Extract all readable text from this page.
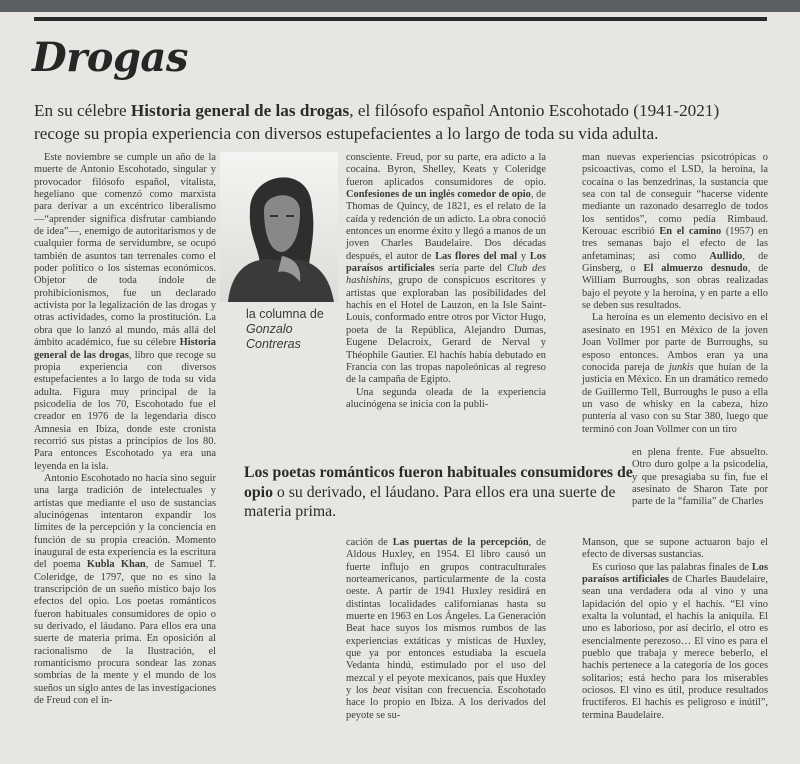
Drogas
En su célebre Historia general de las drogas, el filósofo español Antonio Escohotado (1941-2021) recoge su propia experiencia con diversos estupefacientes a lo largo de toda su vida adulta.

Este noviembre se cumple un año de la muerte de Antonio Escohotado, singular y provocador filósofo español, vitalista, hegeliano que comenzó como marxista para derivar a un excéntrico liberalismo —“aprender significa disfrutar cambiando de idea”—, enemigo de autoritarismos y de cualquier forma de servidumbre, se ocupó también de asuntos tan terrenales como el poder político o los sistemas económicos. Objetor de toda índole de prohibicionismos, fue un declarado activista por la legalización de las drogas y otras actividades, como la prostitución. La obra que lo lanzó al mundo, más allá del ámbito académico, fue su célebre Historia general de las drogas, libro que recoge su propia experiencia con diversos estupefacientes a lo largo de toda su vida adulta. Figura muy principal de la psicodelia de los 70, Escohotado fue el creador en 1976 de la legendaria disco Amnesia en Ibiza, donde este cronista recorrió sus pistas a principios de los 80. Para entonces Escohotado ya era una leyenda en la isla.

Antonio Escohotado no hacía sino seguir una larga tradición de intelectuales y artistas que mediante el uso de sustancias alucinógenas intentaron expandir los límites de la percepción y la conciencia en función de su propia creación. Momento inaugural de esta experiencia es la escritura del poema Kubla Khan, de Samuel T. Coleridge, de 1797, que no es sino la transcripción de un sueño místico bajo los efectos del opio. Los poetas románticos fueron habituales consumidores de opio o su derivado, el láudano. Para ellos era una suerte de materia prima. En oposición al racionalismo de la Ilustración, el romanticismo procura sondear las zonas sombrías de la mente y el mundo de los sueños un siglo antes de las investigaciones de Freud con el in-

la columna de
Gonzalo
Contreras

consciente. Freud, por su parte, era adicto a la cocaína. Byron, Shelley, Keats y Coleridge fueron aplicados consumidores de opio. Confesiones de un inglés comedor de opio, de Thomas de Quincy, de 1821, es el relato de la caída y redención de un adicto. La obra conoció entonces un enorme éxito y llegó a manos de un joven Charles Baudelaire. Dos décadas después, el autor de Las flores del mal y Los paraísos artificiales sería parte del Club des hashishins, grupo de conspicuos escritores y artistas que exploraban las posibilidades del hachís en el Hotel de Lauzon, en la Isle Saint-Louis, conformado entre otros por Victor Hugo, poeta de la República, Alejandro Dumas, Eugene Delacroix, Gerard de Nerval y Théophile Gautier. El hachís había debutado en Francia con las tropas napoleónicas al regreso de la campaña de Egipto.

Una segunda oleada de la experiencia alucinógena se inicia con la publi-

man nuevas experiencias psicotrópicas o psicoactivas, como el LSD, la heroína, la cocaína o las benzedrinas, la sustancia que sea con tal de conseguir “hacerse vidente mediante un razonado desarreglo de todos los sentidos”, como pedía Rimbaud. Kerouac escribió En el camino (1957) en tres semanas bajo el efecto de las anfetaminas; así como Aullido, de Ginsberg, o El almuerzo desnudo, de William Burroughs, son obras realizadas bajo el peyote y la heroína, y en parte a ello se deben sus resultados.

La heroína es un elemento decisivo en el asesinato en 1951 en México de la joven Joan Vollmer por parte de Burroughs, su esposo entonces. Ambos eran ya una conocida pareja de junkis que huían de la justicia en México. En un dramático remedo de Guillermo Tell, Burroughs le puso a ella un vaso de whisky en la cabeza, hizo puntería al vaso con su Star 380, luego que terminó con Joan Vollmer con un tiro

Los poetas románticos fueron habituales consumidores de opio o su derivado, el láudano. Para ellos era una suerte de materia prima.

en plena frente. Fue absuelto. Otro duro golpe a la psicodelia, y que presagiaba su fin, fue el asesinato de Sharon Tate por parte de la “familia” de Charles

cación de Las puertas de la percepción, de Aldous Huxley, en 1954. El libro causó un fuerte influjo en grupos contraculturales norteamericanos, particularmente de la costa oeste. A partir de 1941 Huxley residirá en distintas localidades californianas hasta su muerte en 1963 en Los Ángeles. La Generación Beat hace suyos los mismos rumbos de las experiencias extáticas y místicas de Huxley, que ya por entonces estudiaba la escuela Vedanta hindú, estimulado por el uso del mezcal y el peyote mexicanos, país que Huxley y los beat visitan con frecuencia. Escohotado hace lo propio en Ibiza. A los derivados del peyote se su-

Manson, que se supone actuaron bajo el efecto de diversas sustancias.

Es curioso que las palabras finales de Los paraísos artificiales de Charles Baudelaire, sean una verdadera oda al vino y una lapidación del opio y el hachís. “El vino exalta la voluntad, el hachís la aniquila. El uno es laborioso, por así decirlo, el otro es esencialmente perezoso… El vino es para el pueblo que trabaja y merece beberlo, el hachís pertenece a la categoría de los goces solitarios; está hecho para los miserables ociosos. El vino es útil, produce resultados fructíferos. El hachís es peligroso e inútil”, termina Baudelaire.
